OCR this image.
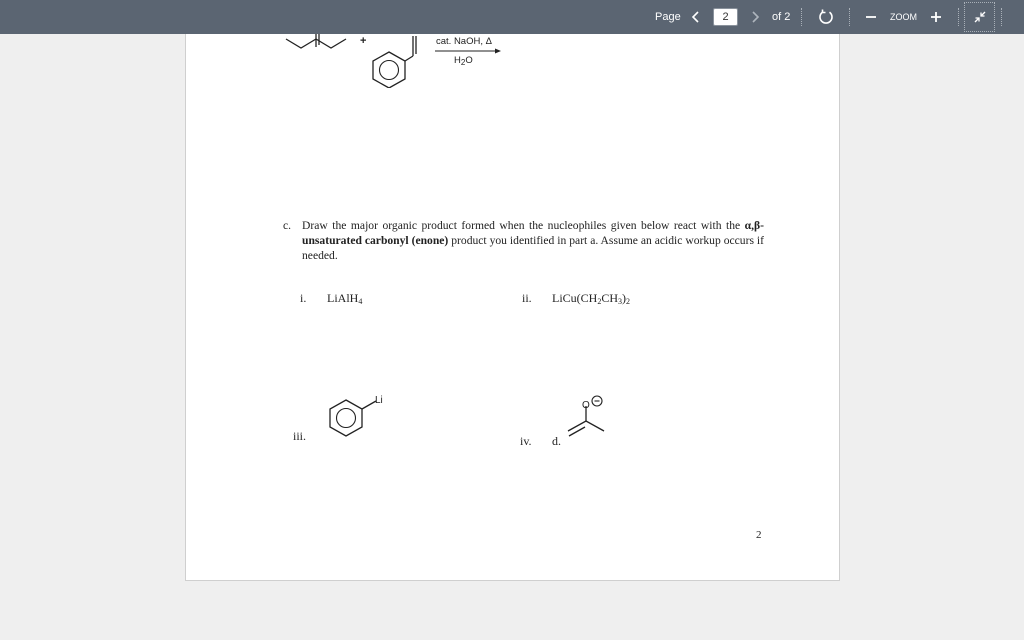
Page	2	of 2	ZOOM
+	cat. NaOH, Δ
$H_2O$
c. Draw the major organic product formed when the nucleophiles given below react with the α,β-unsaturated carbonyl (enone) product you identified in part a. Assume an acidic workup occurs if needed.
i. LiAlH$_4$	ii. $LiCu(CH_2CH_3)_2$
iii.
Li
iv. d.
O
2
